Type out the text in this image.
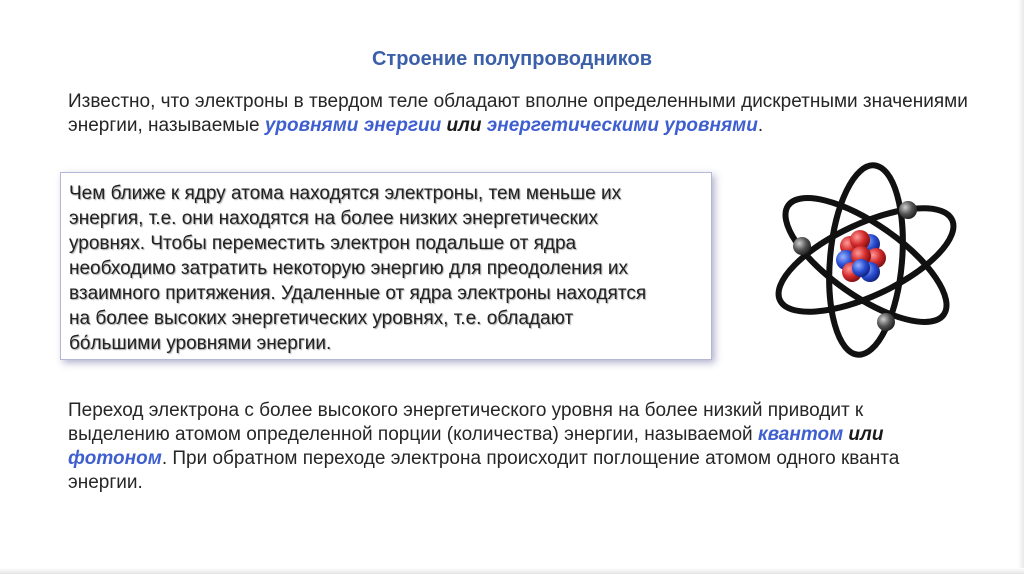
Строение полупроводников
Известно, что электроны в твердом теле обладают вполне определенными дискретными значениями энергии, называемые уровнями энергии или энергетическими уровнями.
Чем ближе к ядру атома находятся электроны, тем меньше их
энергия, т.е. они находятся на более низких энергетических
уровнях. Чтобы переместить электрон подальше от ядра
необходимо затратить некоторую энергию для преодоления их
взаимного притяжения. Удаленные от ядра электроны находятся
на более высоких энергетических уровнях, т.е. обладают
бо́льшими уровнями энергии.
Переход электрона с более высокого энергетического уровня на более низкий приводит к выделению атомом определенной порции (количества) энергии, называемой квантом или фотоном. При обратном переходе электрона происходит поглощение атомом одного кванта энергии.
